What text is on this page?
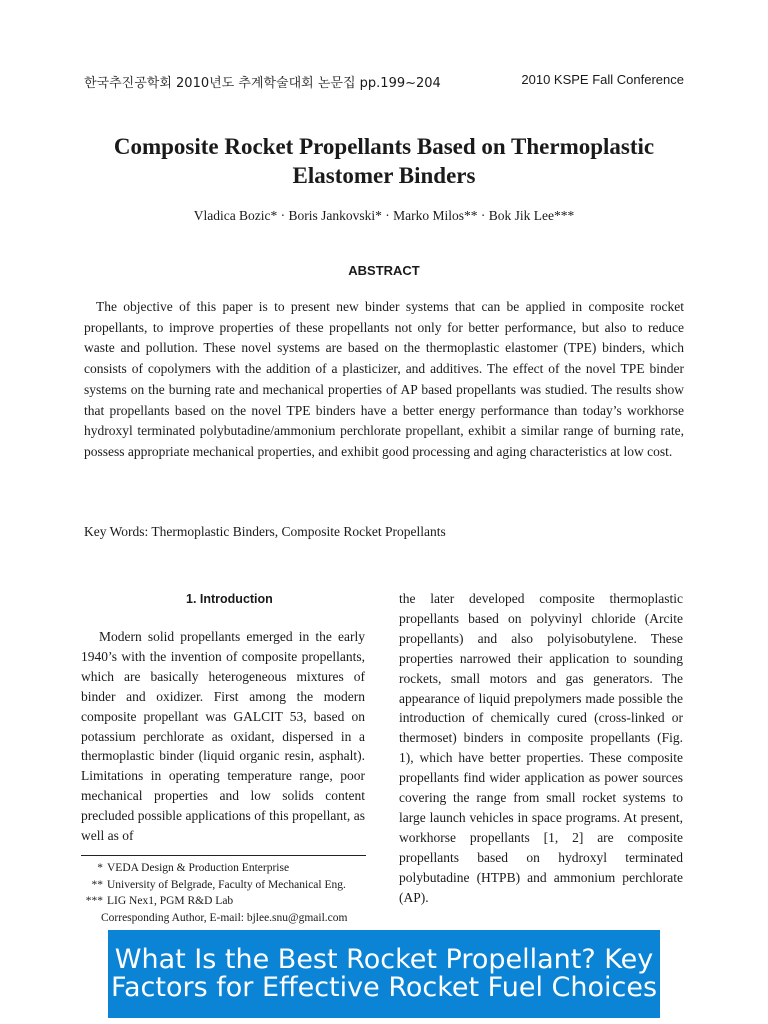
한국추진공학회 2010년도 추계학술대회 논문집 pp.199~204	2010 KSPE Fall Conference
Composite Rocket Propellants Based on Thermoplastic
Elastomer Binders
Vladica Bozic* · Boris Jankovski* · Marko Milos** · Bok Jik Lee***
ABSTRACT

The objective of this paper is to present new binder systems that can be applied in composite rocket propellants, to improve properties of these propellants not only for better performance, but also to reduce waste and pollution. These novel systems are based on the thermoplastic elastomer (TPE) binders, which consists of copolymers with the addition of a plasticizer, and additives. The effect of the novel TPE binder systems on the burning rate and mechanical properties of AP based propellants was studied. The results show that propellants based on the novel TPE binders have a better energy performance than today’s workhorse hydroxyl terminated polybutadine/ammonium perchlorate propellant, exhibit a similar range of burning rate, possess appropriate mechanical properties, and exhibit good processing and aging characteristics at low cost.

Key Words: Thermoplastic Binders, Composite Rocket Propellants
1. Introduction

Modern solid propellants emerged in the early 1940’s with the invention of composite propellants, which are basically heterogeneous mixtures of binder and oxidizer. First among the modern composite propellant was GALCIT 53, based on potassium perchlorate as oxidant, dispersed in a thermoplastic binder (liquid organic resin, asphalt). Limitations in operating temperature range, poor mechanical properties and low solids content precluded possible applications of this propellant, as well as of

the later developed composite thermoplastic propellants based on polyvinyl chloride (Arcite propellants) and also polyisobutylene. These properties narrowed their application to sounding rockets, small motors and gas generators. The appearance of liquid prepolymers made possible the introduction of chemically cured (cross-linked or thermoset) binders in composite propellants (Fig. 1), which have better properties. These composite propellants find wider application as power sources covering the range from small rocket systems to large launch vehicles in space programs. At present, workhorse propellants [1, 2] are composite propellants based on hydroxyl terminated polybutadine (HTPB) and ammonium perchlorate (AP).

* VEDA Design & Production Enterprise
** University of Belgrade, Faculty of Mechanical Eng.
*** LIG Nex1, PGM R&D Lab
Corresponding Author, E-mail: bjlee.snu@gmail.com
What Is the Best Rocket Propellant? Key Factors for Effective Rocket Fuel Choices
